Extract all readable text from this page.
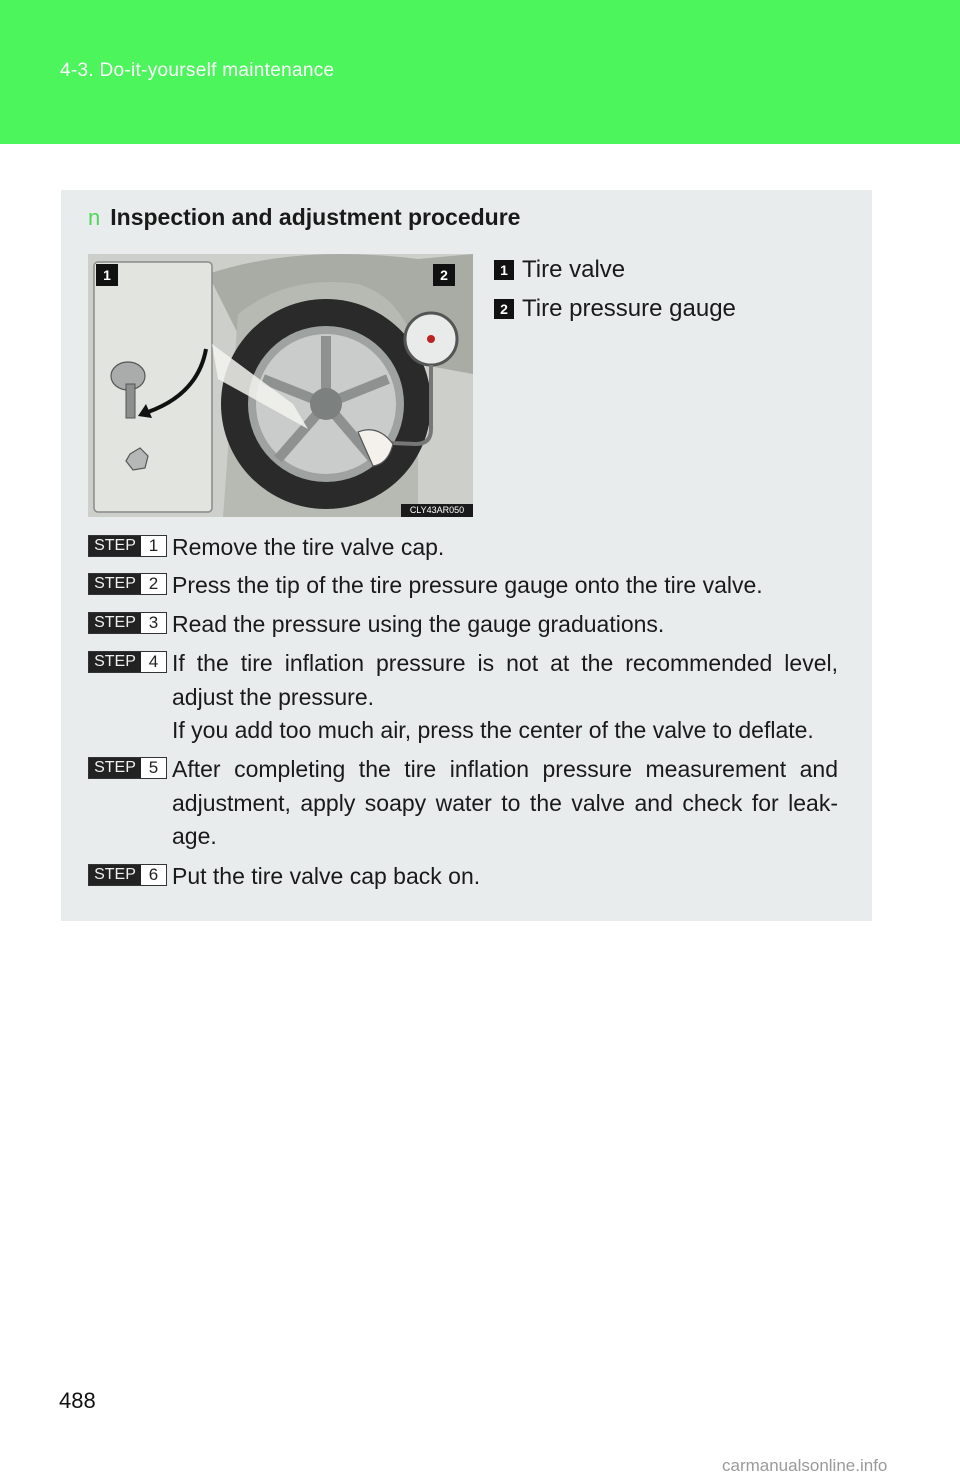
4-3. Do-it-yourself maintenance
n Inspection and adjustment procedure
1	2
CLY43AR050
1 Tire valve
2 Tire pressure gauge
STEP 1 Remove the tire valve cap.
STEP 2 Press the tip of the tire pressure gauge onto the tire valve.
STEP 3 Read the pressure using the gauge graduations.
STEP 4 If the tire inflation pressure is not at the recommended level, adjust the pressure.
If you add too much air, press the center of the valve to deflate.
STEP 5 After completing the tire inflation pressure measurement and adjustment, apply soapy water to the valve and check for leak-age.
STEP 6 Put the tire valve cap back on.
488
carmanualsonline.info
